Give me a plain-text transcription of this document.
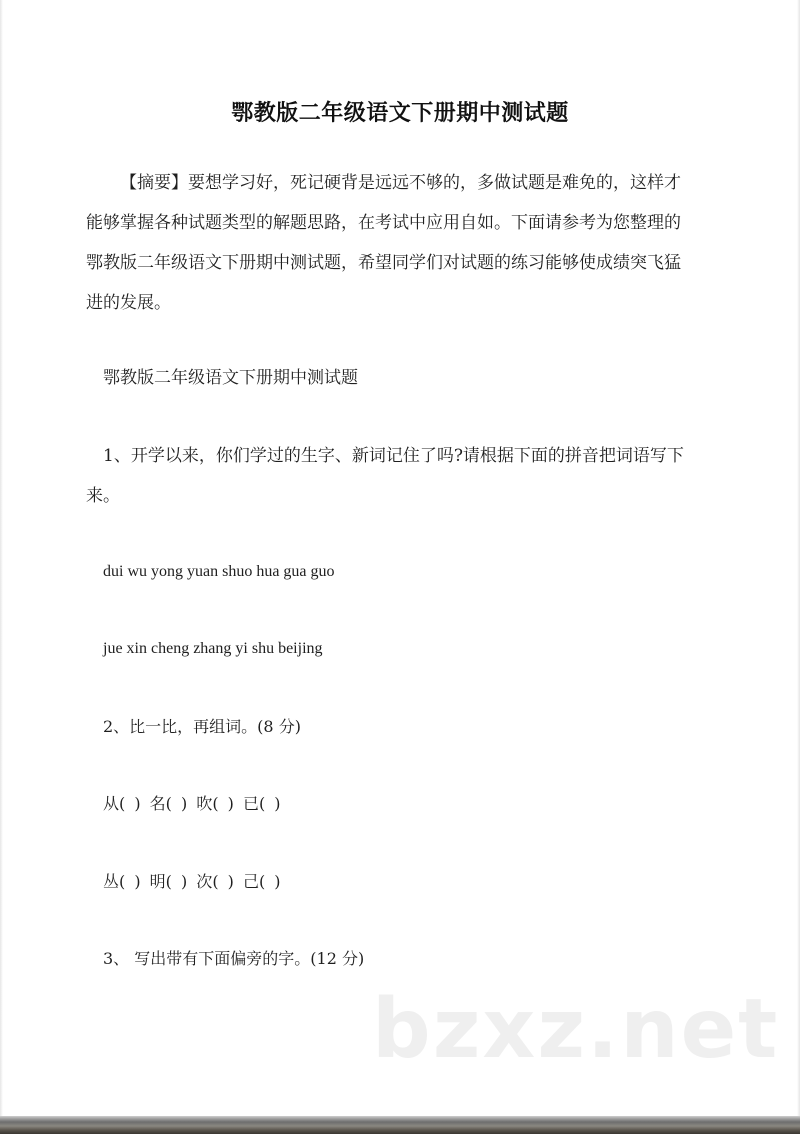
鄂教版二年级语文下册期中测试题
【摘要】要想学习好，死记硬背是远远不够的，多做试题是难免的，这样才能够掌握各种试题类型的解题思路，在考试中应用自如。下面请参考为您整理的鄂教版二年级语文下册期中测试题，希望同学们对试题的练习能够使成绩突飞猛进的发展。
鄂教版二年级语文下册期中测试题
1、开学以来，你们学过的生字、新词记住了吗?请根据下面的拼音把词语写下来。
dui wu yong yuan shuo hua gua guo
jue xin cheng zhang yi shu beijing
2、比一比，再组词。(8 分)
从( ) 名( ) 吹( ) 已( )
丛( ) 明( ) 次( ) 己( )
3、 写出带有下面偏旁的字。(12 分)
bzxz.net
